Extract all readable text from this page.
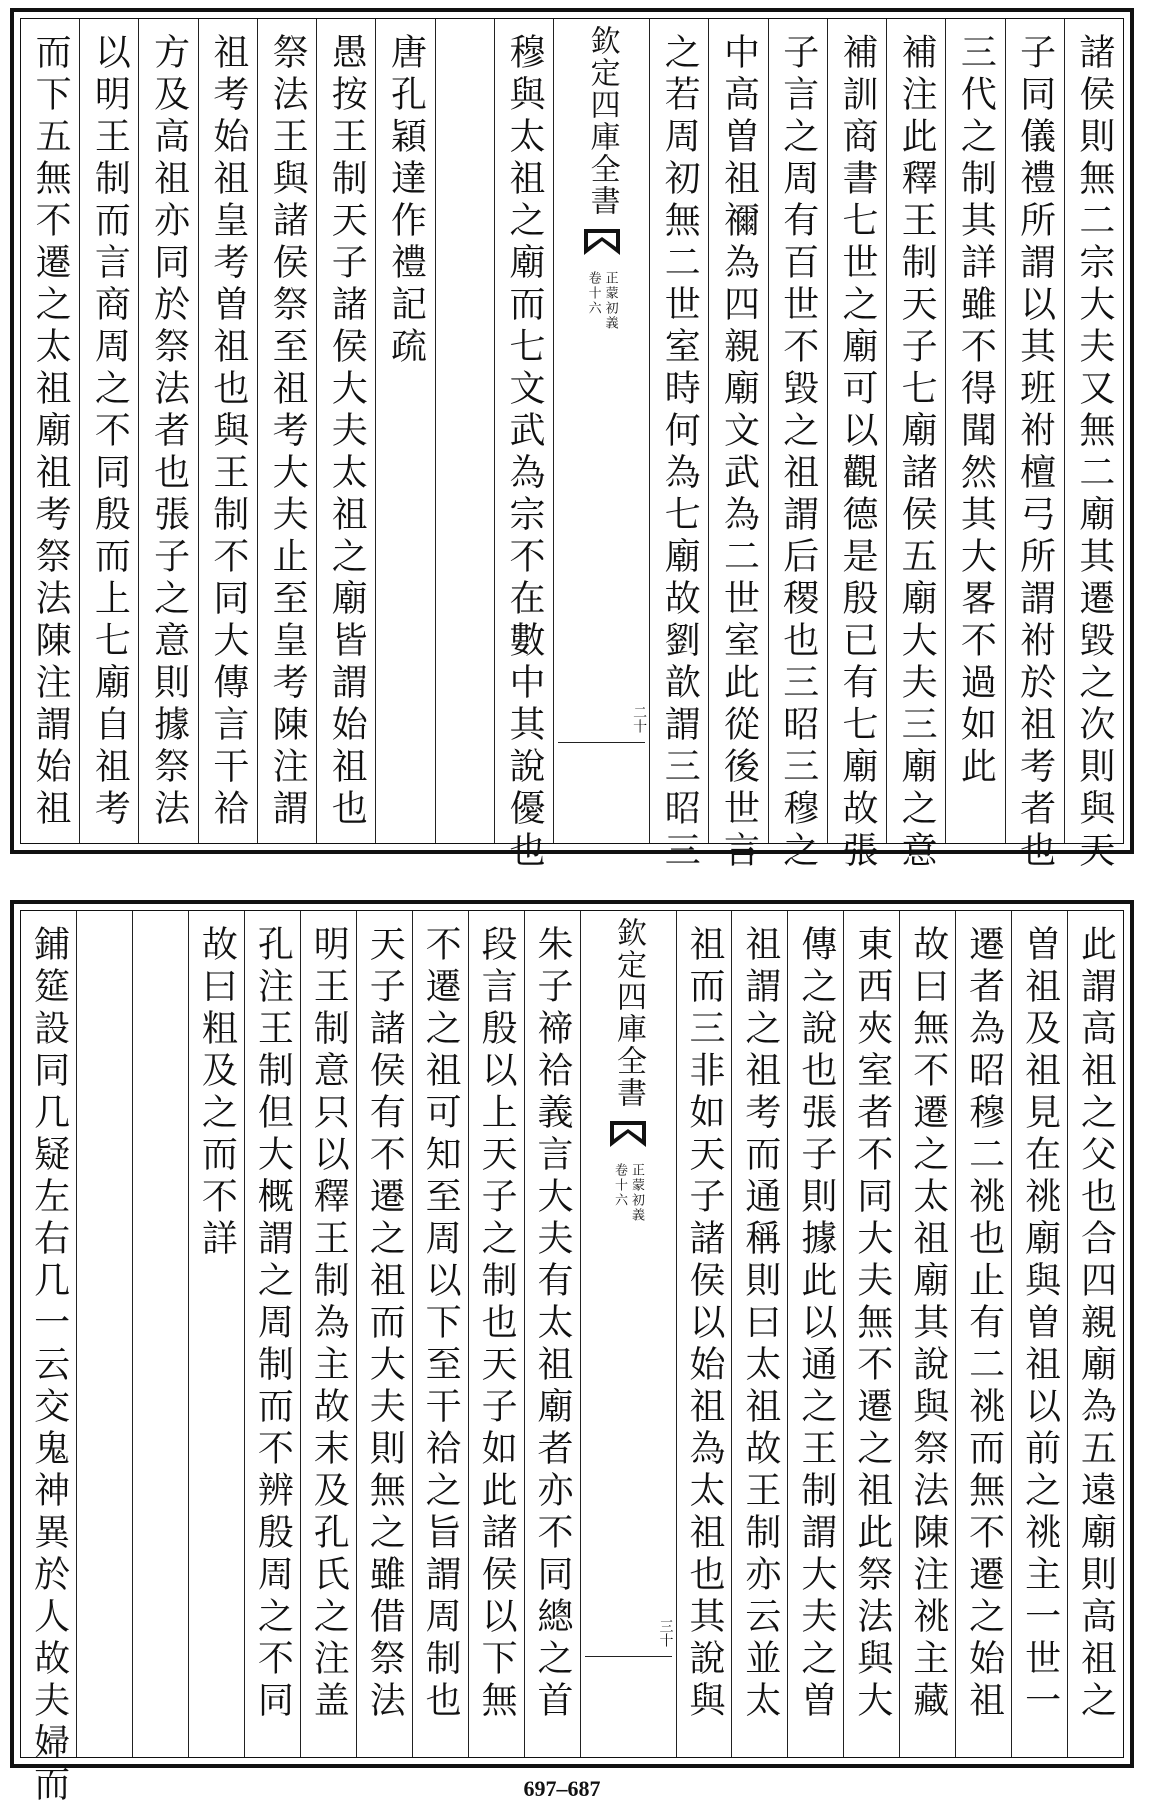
諸侯則無二宗大夫又無二廟其遷毀之次則與天
子同儀禮所謂以其班祔檀弓所謂祔於祖考者也
三代之制其詳雖不得聞然其大畧不過如此
補注此釋王制天子七廟諸侯五廟大夫三廟之意
補訓商書七世之廟可以觀德是殷已有七廟故張
子言之周有百世不毀之祖謂后稷也三昭三穆之
中高曽祖禰為四親廟文武為二世室此從後世言
之若周初無二世室時何為七廟故劉歆謂三昭三
欽定四庫全書
正蒙初義
卷十六
二十
穆與太祖之廟而七文武為宗不在數中其說優也
唐孔穎達作禮記疏
愚按王制天子諸侯大夫太祖之廟皆謂始祖也
祭法王與諸侯祭至祖考大夫止至皇考陳注謂
祖考始祖皇考曽祖也與王制不同大傳言干祫
方及高祖亦同於祭法者也張子之意則據祭法
以明王制而言商周之不同殷而上七廟自祖考
而下五無不遷之太祖廟祖考祭法陳注謂始祖
此謂高祖之父也合四親廟為五遠廟則高祖之
曽祖及祖見在祧廟與曽祖以前之祧主一世一
遷者為昭穆二祧也止有二祧而無不遷之始祖
故曰無不遷之太祖廟其說與祭法陳注祧主藏
東西夾室者不同大夫無不遷之祖此祭法與大
傳之說也張子則據此以通之王制謂大夫之曽
祖謂之祖考而通稱則曰太祖故王制亦云並太
祖而三非如天子諸侯以始祖為太祖也其說與
欽定四庫全書
正蒙初義
卷十六
三十
朱子禘祫義言大夫有太祖廟者亦不同總之首
段言殷以上天子之制也天子如此諸侯以下無
不遷之祖可知至周以下至干祫之旨謂周制也
天子諸侯有不遷之祖而大夫則無之雖借祭法
明王制意只以釋王制為主故末及孔氏之注盖
孔注王制但大概謂之周制而不辨殷周之不同
故曰粗及之而不詳
鋪筵設同几疑左右几一云交鬼神異於人故夫婦而	697–687
